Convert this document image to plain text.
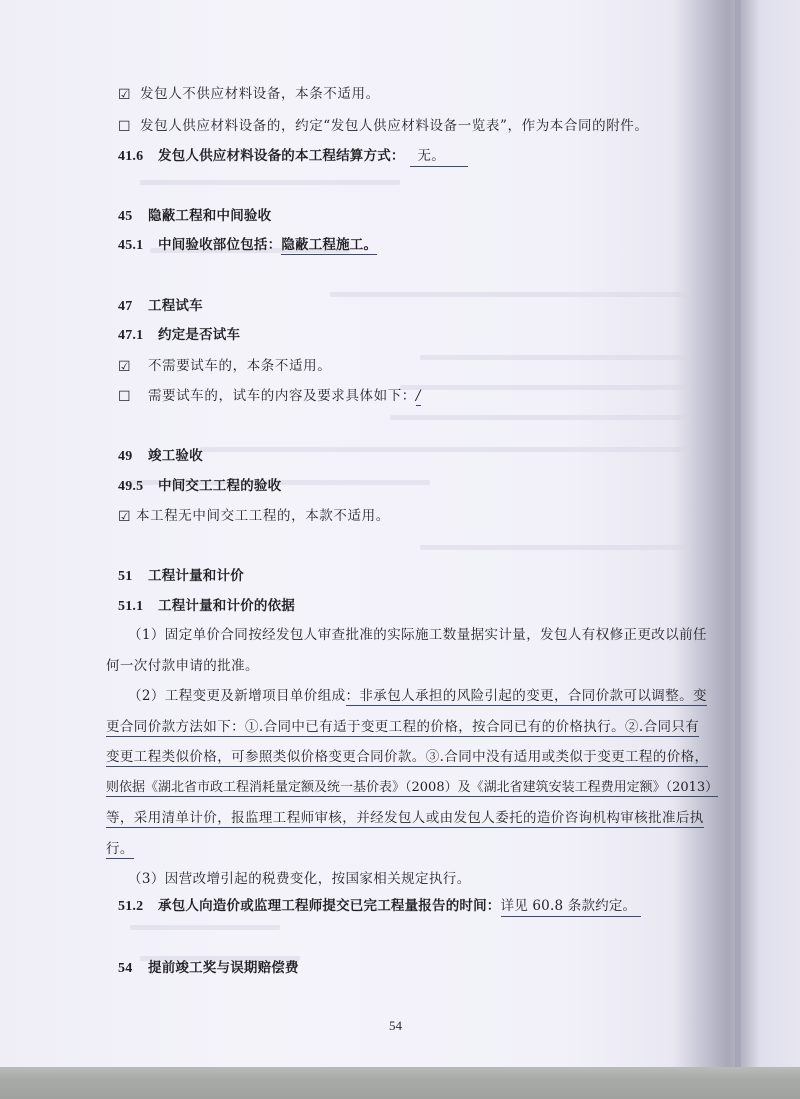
☑ 发包人不供应材料设备，本条不适用。
☐ 发包人供应材料设备的，约定“发包人供应材料设备一览表”，作为本合同的附件。
41.6 发包人供应材料设备的本工程结算方式： 无。
45 隐蔽工程和中间验收
45.1 中间验收部位包括：隐蔽工程施工。
47 工程试车
47.1 约定是否试车
☑ 不需要试车的，本条不适用。
☐ 需要试车的，试车的内容及要求具体如下：/
49 竣工验收
49.5 中间交工工程的验收
☑ 本工程无中间交工工程的，本款不适用。
51 工程计量和计价
51.1 工程计量和计价的依据
（1）固定单价合同按经发包人审查批准的实际施工数量据实计量，发包人有权修正更改以前任
何一次付款申请的批准。
（2）工程变更及新增项目单价组成：非承包人承担的风险引起的变更，合同价款可以调整。变
更合同价款方法如下：①.合同中已有适于变更工程的价格，按合同已有的价格执行。②.合同只有
变更工程类似价格，可参照类似价格变更合同价款。③.合同中没有适用或类似于变更工程的价格，
则依据《湖北省市政工程消耗量定额及统一基价表》（2008）及《湖北省建筑安装工程费用定额》（2013）
等，采用清单计价，报监理工程师审核，并经发包人或由发包人委托的造价咨询机构审核批准后执
行。
（3）因营改增引起的税费变化，按国家相关规定执行。
51.2 承包人向造价或监理工程师提交已完工程量报告的时间：详见 60.8 条款约定。
54 提前竣工奖与误期赔偿费
54
